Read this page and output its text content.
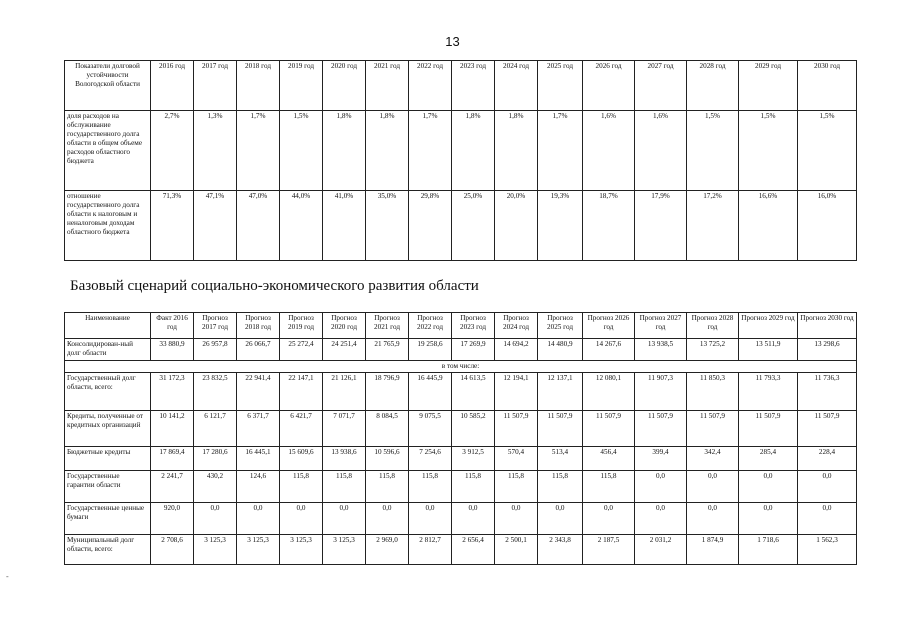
13
Показатели долговой устойчивости Вологодской области	2016 год	2017 год	2018 год	2019 год	2020 год	2021 год	2022 год	2023 год	2024 год	2025 год	2026 год	2027 год	2028 год	2029 год	2030 год
доля расходов на обслуживание государственного долга области в общем объеме расходов областного бюджета	2,7%	1,3%	1,7%	1,5%	1,8%	1,8%	1,7%	1,8%	1,8%	1,7%	1,6%	1,6%	1,5%	1,5%	1,5%
отношение государственного долга области к налоговым и неналоговым доходам областного бюджета	71,3%	47,1%	47,0%	44,0%	41,0%	35,0%	29,8%	25,0%	20,0%	19,3%	18,7%	17,9%	17,2%	16,6%	16,0%
Базовый сценарий социально-экономического развития области
Наименование	Факт 2016 год	Прогноз 2017 год	Прогноз 2018 год	Прогноз 2019 год	Прогноз 2020 год	Прогноз 2021 год	Прогноз 2022 год	Прогноз 2023 год	Прогноз 2024 год	Прогноз 2025 год	Прогноз 2026 год	Прогноз 2027 год	Прогноз 2028 год	Прогноз 2029 год	Прогноз 2030 год
Консолидирован-ный долг области	33 880,9	26 957,8	26 066,7	25 272,4	24 251,4	21 765,9	19 258,6	17 269,9	14 694,2	14 480,9	14 267,6	13 938,5	13 725,2	13 511,9	13 298,6
в том числе:															
Государственный долг области, всего:	31 172,3	23 832,5	22 941,4	22 147,1	21 126,1	18 796,9	16 445,9	14 613,5	12 194,1	12 137,1	12 080,1	11 907,3	11 850,3	11 793,3	11 736,3
Кредиты, полученные от кредитных организаций	10 141,2	6 121,7	6 371,7	6 421,7	7 071,7	8 084,5	9 075,5	10 585,2	11 507,9	11 507,9	11 507,9	11 507,9	11 507,9	11 507,9	11 507,9
Бюджетные кредиты	17 869,4	17 280,6	16 445,1	15 609,6	13 938,6	10 596,6	7 254,6	3 912,5	570,4	513,4	456,4	399,4	342,4	285,4	228,4
Государственные гарантии области	2 241,7	430,2	124,6	115,8	115,8	115,8	115,8	115,8	115,8	115,8	115,8	0,0	0,0	0,0	0,0
Государственные ценные бумаги	920,0	0,0	0,0	0,0	0,0	0,0	0,0	0,0	0,0	0,0	0,0	0,0	0,0	0,0	0,0
Муниципальный долг области, всего:	2 708,6	3 125,3	3 125,3	3 125,3	3 125,3	2 969,0	2 812,7	2 656,4	2 500,1	2 343,8	2 187,5	2 031,2	1 874,9	1 718,6	1 562,3
-
